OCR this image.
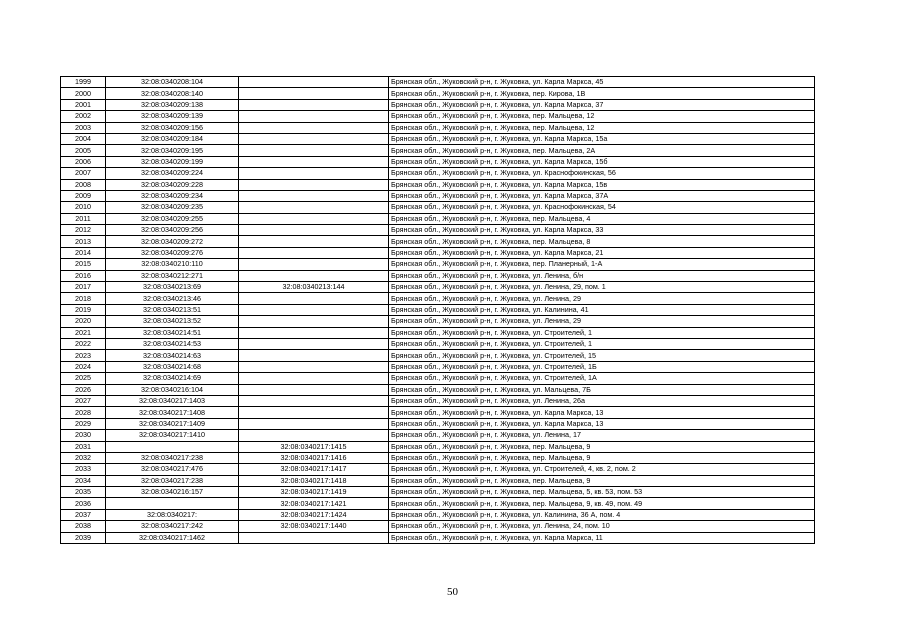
1999	32:08:0340208:104		Брянская обл., Жуковский р-н, г. Жуковка, ул. Карла Маркса, 45
2000	32:08:0340208:140		Брянская обл., Жуковский р-н, г. Жуковка, пер. Кирова, 1В
2001	32:08:0340209:138		Брянская обл., Жуковский р-н, г. Жуковка, ул. Карла Маркса, 37
2002	32:08:0340209:139		Брянская обл., Жуковский р-н, г. Жуковка, пер. Мальцева, 12
2003	32:08:0340209:156		Брянская обл., Жуковский р-н, г. Жуковка, пер. Мальцева, 12
2004	32:08:0340209:184		Брянская обл., Жуковский р-н, г. Жуковка, ул. Карла Маркса, 15а
2005	32:08:0340209:195		Брянская обл., Жуковский р-н, г. Жуковка, пер. Мальцева, 2А
2006	32:08:0340209:199		Брянская обл., Жуковский р-н, г. Жуковка, ул. Карла Маркса, 15б
2007	32:08:0340209:224		Брянская обл., Жуковский р-н, г. Жуковка, ул. Краснофокинская, 56
2008	32:08:0340209:228		Брянская обл., Жуковский р-н, г. Жуковка, ул. Карла Маркса, 15в
2009	32:08:0340209:234		Брянская обл., Жуковский р-н, г. Жуковка, ул. Карла Маркса, 37А
2010	32:08:0340209:235		Брянская обл., Жуковский р-н, г. Жуковка, ул. Краснофокинская, 54
2011	32:08:0340209:255		Брянская обл., Жуковский р-н, г. Жуковка, пер. Мальцева, 4
2012	32:08:0340209:256		Брянская обл., Жуковский р-н, г. Жуковка, ул. Карла Маркса, 33
2013	32:08:0340209:272		Брянская обл., Жуковский р-н, г. Жуковка, пер. Мальцева, 8
2014	32:08:0340209:276		Брянская обл., Жуковский р-н, г. Жуковка, ул. Карла Маркса, 21
2015	32:08:0340210:110		Брянская обл., Жуковский р-н, г. Жуковка, пер. Планерный, 1-А
2016	32:08:0340212:271		Брянская обл., Жуковский р-н, г. Жуковка, ул. Ленина, б/н
2017	32:08:0340213:69	32:08:0340213:144	Брянская обл., Жуковский р-н, г. Жуковка, ул. Ленина, 29, пом. 1
2018	32:08:0340213:46		Брянская обл., Жуковский р-н, г. Жуковка, ул. Ленина, 29
2019	32:08:0340213:51		Брянская обл., Жуковский р-н, г. Жуковка, ул. Калинина, 41
2020	32:08:0340213:52		Брянская обл., Жуковский р-н, г. Жуковка, ул. Ленина, 29
2021	32:08:0340214:51		Брянская обл., Жуковский р-н, г. Жуковка, ул. Строителей, 1
2022	32:08:0340214:53		Брянская обл., Жуковский р-н, г. Жуковка, ул. Строителей, 1
2023	32:08:0340214:63		Брянская обл., Жуковский р-н, г. Жуковка, ул. Строителей, 15
2024	32:08:0340214:68		Брянская обл., Жуковский р-н, г. Жуковка, ул. Строителей, 1Б
2025	32:08:0340214:69		Брянская обл., Жуковский р-н, г. Жуковка, ул. Строителей, 1А
2026	32:08:0340216:104		Брянская обл., Жуковский р-н, г. Жуковка, ул. Мальцева, 7Б
2027	32:08:0340217:1403		Брянская обл., Жуковский р-н, г. Жуковка, ул. Ленина, 26а
2028	32:08:0340217:1408		Брянская обл., Жуковский р-н, г. Жуковка, ул. Карла Маркса, 13
2029	32:08:0340217:1409		Брянская обл., Жуковский р-н, г. Жуковка, ул. Карла Маркса, 13
2030	32:08:0340217:1410		Брянская обл., Жуковский р-н, г. Жуковка, ул. Ленина, 17
2031		32:08:0340217:1415	Брянская обл., Жуковский р-н, г. Жуковка, пер. Мальцева, 9
2032	32:08:0340217:238	32:08:0340217:1416	Брянская обл., Жуковский р-н, г. Жуковка, пер. Мальцева, 9
2033	32:08:0340217:476	32:08:0340217:1417	Брянская обл., Жуковский р-н, г. Жуковка, ул. Строителей, 4, кв. 2, пом. 2
2034	32:08:0340217:238	32:08:0340217:1418	Брянская обл., Жуковский р-н, г. Жуковка, пер. Мальцева, 9
2035	32:08:0340216:157	32:08:0340217:1419	Брянская обл., Жуковский р-н, г. Жуковка, пер. Мальцева, 5, кв. 53, пом. 53
2036		32:08:0340217:1421	Брянская обл., Жуковский р-н, г. Жуковка, пер. Мальцева, 9, кв. 49, пом. 49
2037	32:08:0340217:	32:08:0340217:1424	Брянская обл., Жуковский р-н, г. Жуковка, ул. Калинина, 36 А, пом. 4
2038	32:08:0340217:242	32:08:0340217:1440	Брянская обл., Жуковский р-н, г. Жуковка, ул. Ленина, 24, пом. 10
2039	32:08:0340217:1462		Брянская обл., Жуковский р-н, г. Жуковка, ул. Карла Маркса, 11
50
